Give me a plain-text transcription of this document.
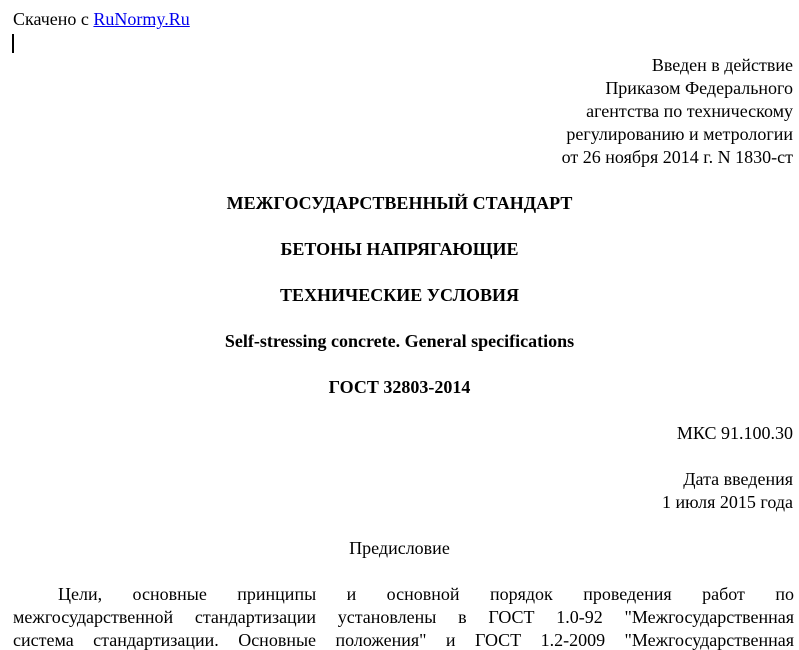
Скачено с RuNormy.Ru
Введен в действие
Приказом Федерального
агентства по техническому
регулированию и метрологии
от 26 ноября 2014 г. N 1830-ст
МЕЖГОСУДАРСТВЕННЫЙ СТАНДАРТ
БЕТОНЫ НАПРЯГАЮЩИЕ
ТЕХНИЧЕСКИЕ УСЛОВИЯ
Self-stressing concrete. General specifications
ГОСТ 32803-2014
МКС 91.100.30
Дата введения
1 июля 2015 года
Предисловие
Цели, основные принципы и основной порядок проведения работ по
межгосударственной стандартизации установлены в ГОСТ 1.0-92 "Межгосударственная
система стандартизации. Основные положения" и ГОСТ 1.2-2009 "Межгосударственная
